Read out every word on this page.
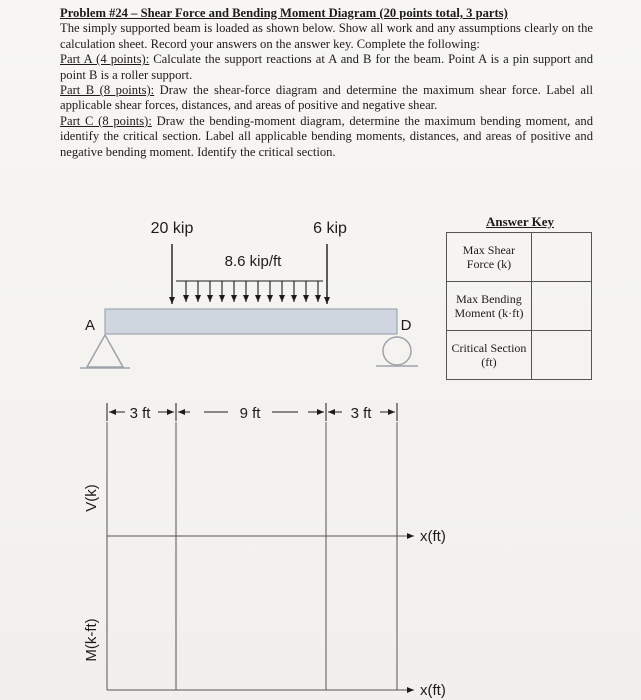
Problem #24 – Shear Force and Bending Moment Diagram (20 points total, 3 parts)
The simply supported beam is loaded as shown below. Show all work and any assumptions clearly on the calculation sheet. Record your answers on the answer key. Complete the following:

Part A (4 points): Calculate the support reactions at A and B for the beam. Point A is a pin support and point B is a roller support.

Part B (8 points): Draw the shear-force diagram and determine the maximum shear force. Label all applicable shear forces, distances, and areas of positive and negative shear.

Part C (8 points): Draw the bending-moment diagram, determine the maximum bending moment, and identify the critical section. Label all applicable bending moments, distances, and areas of positive and negative bending moment. Identify the critical section.

20 kip	6 kip
8.6 kip/ft
A	D
3 ft	9 ft	3 ft
V(k)
M(k-ft)
x(ft)
x(ft)
Answer Key
Max Shear Force (k)	
Max Bending Moment (k·ft)	
Critical Section (ft)	
